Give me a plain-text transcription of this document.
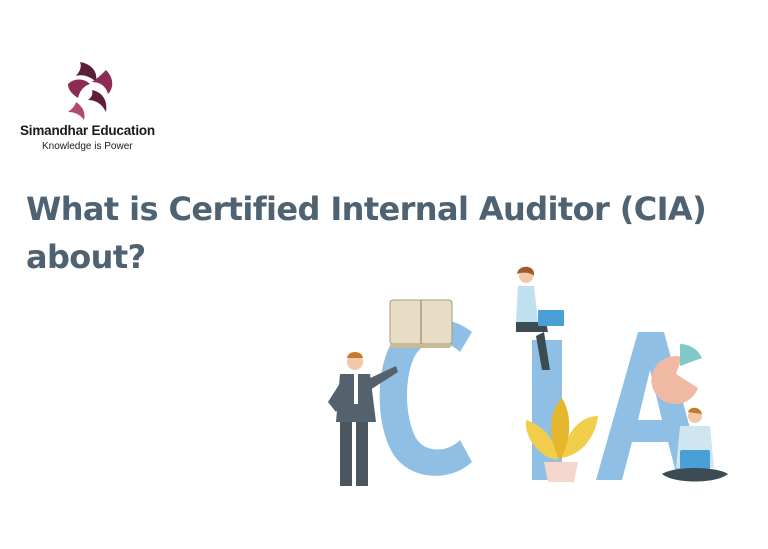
Simandhar Education
Knowledge is Power
What is Certified Internal Auditor (CIA) about?
